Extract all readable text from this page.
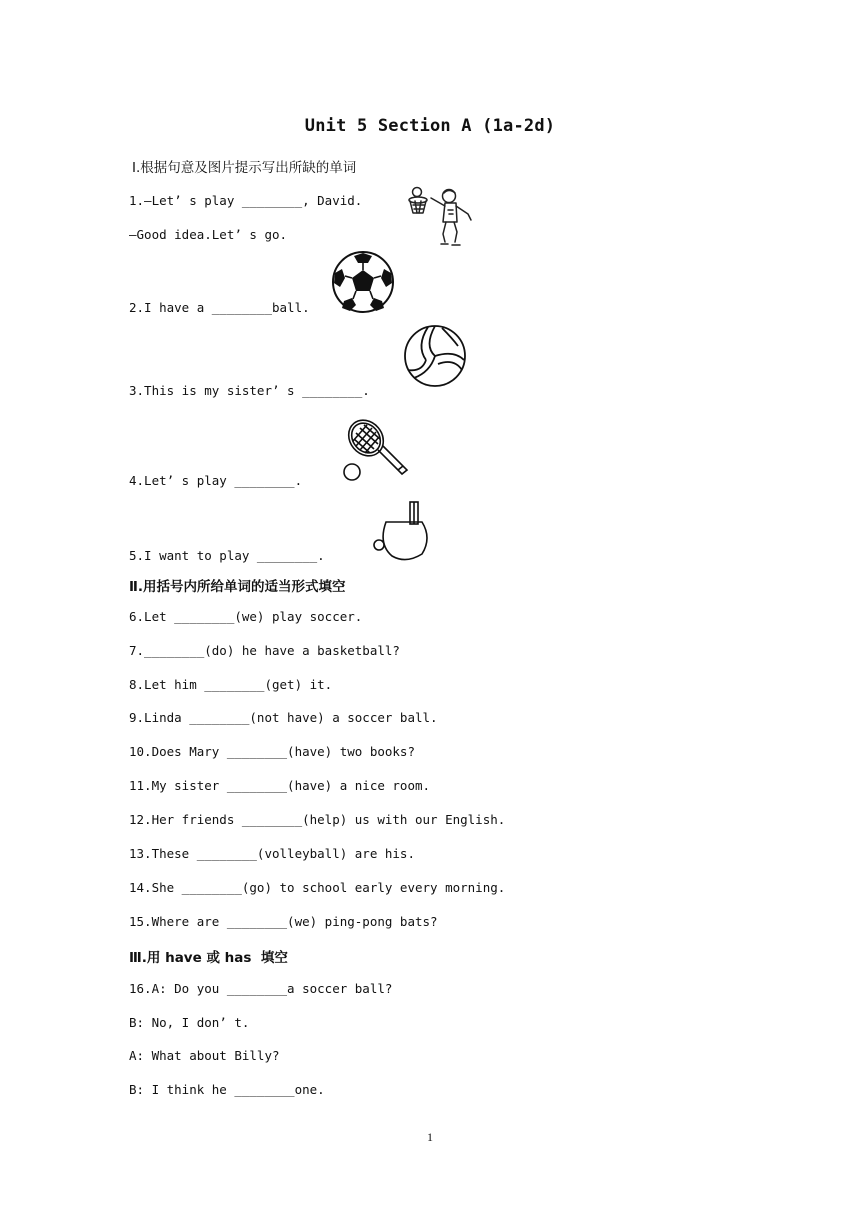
Unit 5 Section A (1a-2d)
Ⅰ.根据句意及图片提示写出所缺的单词
1.—Let’ s play ________, David.
—Good idea.Let’ s go.
2.I have a ________ball.
3.This is my sister’ s ________.
4.Let’ s play ________.
5.I want to play ________.
Ⅱ.用括号内所给单词的适当形式填空
6.Let ________(we) play soccer.
7.________(do) he have a basketball?
8.Let him ________(get) it.
9.Linda ________(not have) a soccer ball.
10.Does Mary ________(have) two books?
11.My sister ________(have) a nice room.
12.Her friends ________(help) us with our English.
13.These ________(volleyball) are his.
14.She ________(go) to school early every morning.
15.Where are ________(we) ping-pong bats?
Ⅲ.用 have 或 has  填空
16.A: Do you ________a soccer ball?
B: No, I don’ t.
A: What about Billy?
B: I think he ________one.
1
